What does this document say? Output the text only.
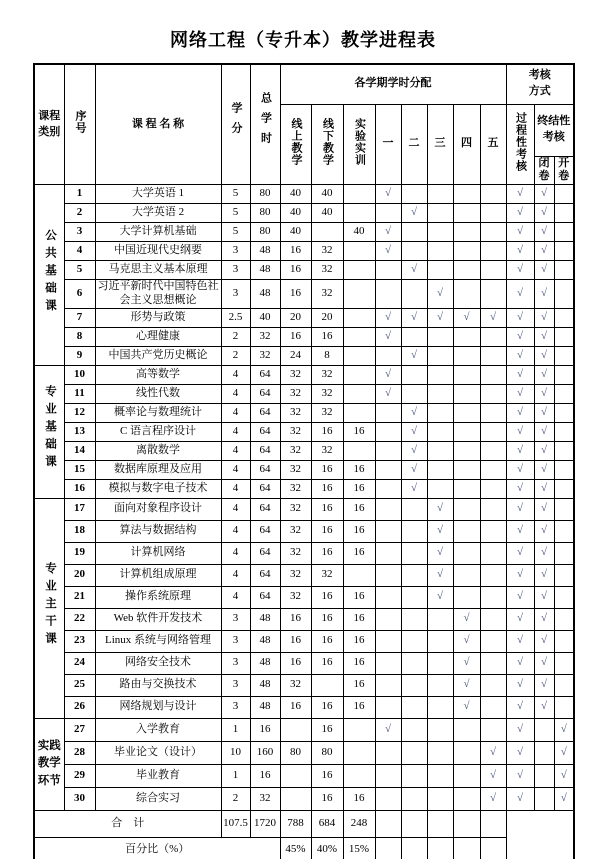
网络工程（专升本）教学进程表
课程类别	序号	课 程 名 称	学分	总学时	各学期学时分配								考核方式		
					线上教学	线下教学	实验实训	一	二	三	四	五	过程性考核	终结性考核	
														闭卷	开卷
公共基础课	1	大学英语 1	5	80	40	40		√					√	√	
	2	大学英语 2	5	80	40	40			√				√	√	
	3	大学计算机基础	5	80	40		40	√					√	√	
	4	中国近现代史纲要	3	48	16	32		√					√	√	
	5	马克思主义基本原理	3	48	16	32			√				√	√	
	6	习近平新时代中国特色社会主义思想概论	3	48	16	32				√			√	√	
	7	形势与政策	2.5	40	20	20		√	√	√	√	√	√	√	
	8	心理健康	2	32	16	16		√					√	√	
	9	中国共产党历史概论	2	32	24	8			√				√	√	
专业基础课	10	高等数学	4	64	32	32		√					√	√	
	11	线性代数	4	64	32	32		√					√	√	
	12	概率论与数理统计	4	64	32	32			√				√	√	
	13	C 语言程序设计	4	64	32	16	16		√				√	√	
	14	离散数学	4	64	32	32			√				√	√	
	15	数据库原理及应用	4	64	32	16	16		√				√	√	
	16	模拟与数字电子技术	4	64	32	16	16		√				√	√	
专业主干课	17	面向对象程序设计	4	64	32	16	16			√			√	√	
	18	算法与数据结构	4	64	32	16	16			√			√	√	
	19	计算机网络	4	64	32	16	16			√			√	√	
	20	计算机组成原理	4	64	32	32				√			√	√	
	21	操作系统原理	4	64	32	16	16			√			√	√	
	22	Web 软件开发技术	3	48	16	16	16				√		√	√	
	23	Linux 系统与网络管理	3	48	16	16	16				√		√	√	
	24	网络安全技术	3	48	16	16	16				√		√	√	
	25	路由与交换技术	3	48	32		16				√		√	√	
	26	网络规划与设计	3	48	16	16	16				√		√	√	
实践教学环节	27	入学教育	1	16		16		√					√		√
	28	毕业论文（设计）	10	160	80	80						√	√		√
	29	毕业教育	1	16		16						√	√		√
	30	综合实习	2	32		16	16					√	√		√
合　计			107.5	1720	788	684	248								
百分比（%）					45%	40%	15%								
